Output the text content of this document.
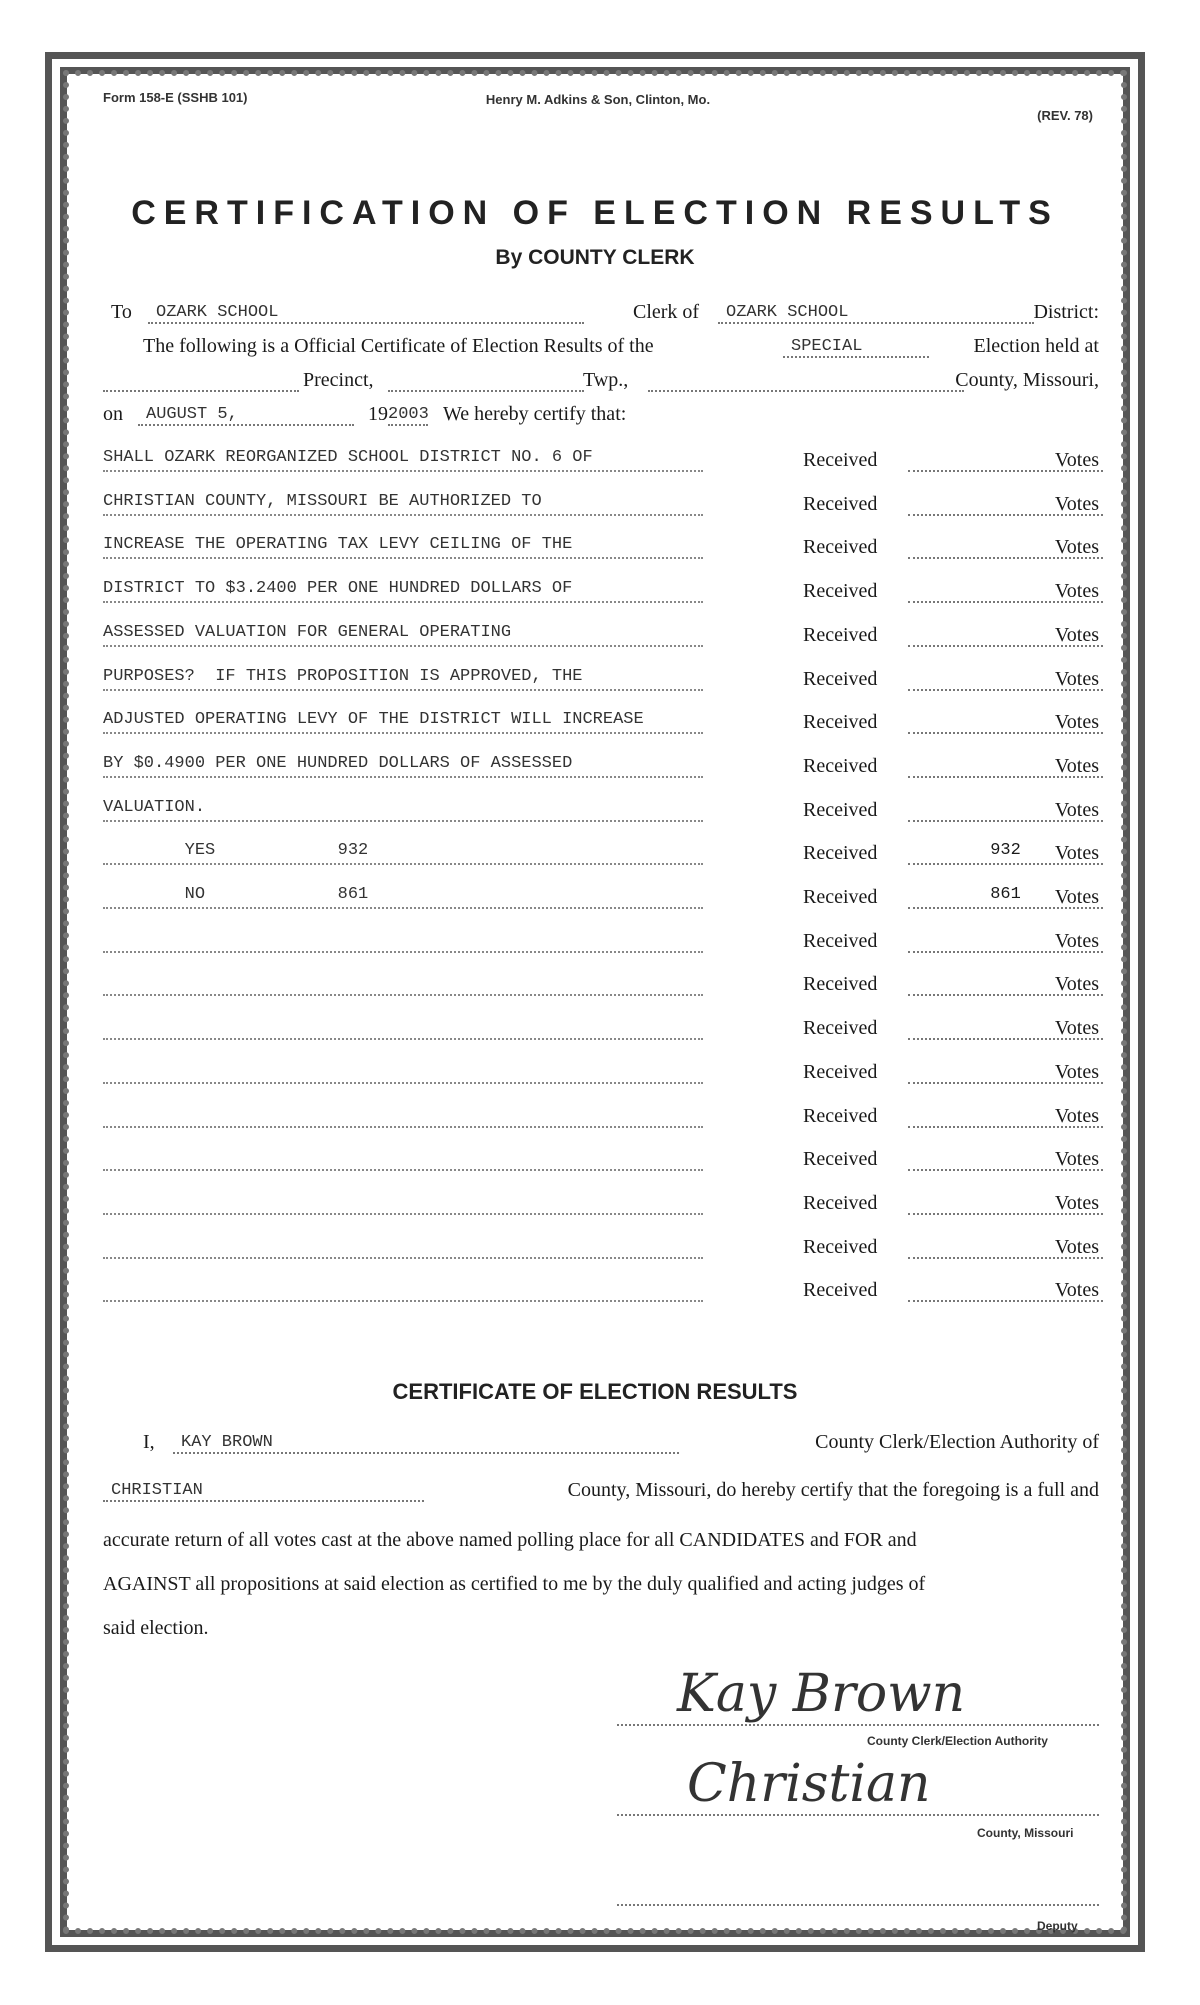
Form 158-E (SSHB 101)	Henry M. Adkins & Son, Clinton, Mo.
(REV. 78)
CERTIFICATION OF ELECTION RESULTS
By COUNTY CLERK
To	OZARK SCHOOL	Clerk of	OZARK SCHOOL	District:
The following is a Official Certificate of Election Results of the	SPECIAL	Election held at
Precinct,	Twp.,	County, Missouri,
on	AUGUST 5,	19 2003 We hereby certify that:
SHALL OZARK REORGANIZED SCHOOL DISTRICT NO. 6 OF	Received	Votes
CHRISTIAN COUNTY, MISSOURI BE AUTHORIZED TO	Received	Votes
INCREASE THE OPERATING TAX LEVY CEILING OF THE	Received	Votes
DISTRICT TO $3.2400 PER ONE HUNDRED DOLLARS OF	Received	Votes
ASSESSED VALUATION FOR GENERAL OPERATING	Received	Votes
PURPOSES?  IF THIS PROPOSITION IS APPROVED, THE	Received	Votes
ADJUSTED OPERATING LEVY OF THE DISTRICT WILL INCREASE	Received	Votes
BY $0.4900 PER ONE HUNDRED DOLLARS OF ASSESSED	Received	Votes
VALUATION.	Received	Votes
YES            932	Received	932	Votes
NO             861	Received	861	Votes
Received	Votes
Received	Votes
Received	Votes
Received	Votes
Received	Votes
Received	Votes
Received	Votes
Received	Votes
Received	Votes
CERTIFICATE OF ELECTION RESULTS
I,	KAY BROWN	County Clerk/Election Authority of
CHRISTIAN	County, Missouri, do hereby certify that the foregoing is a full and
accurate return of all votes cast at the above named polling place for all CANDIDATES and FOR and
AGAINST all propositions at said election as certified to me by the duly qualified and acting judges of
said election.
Kay Brown
County Clerk/Election Authority
Christian
County, Missouri
Deputy
